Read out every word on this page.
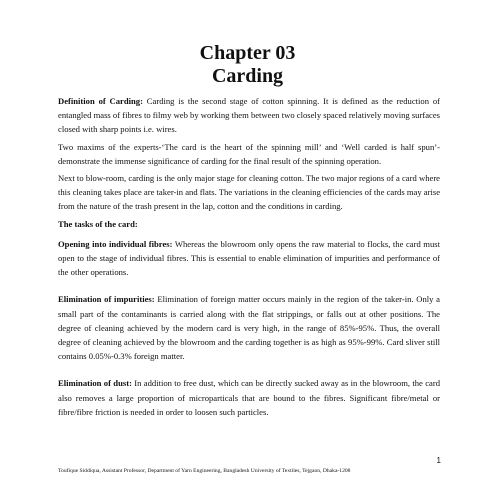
Chapter 03
Carding

Definition of Carding: Carding is the second stage of cotton spinning. It is defined as the reduction of entangled mass of fibres to filmy web by working them between two closely spaced relatively moving surfaces closed with sharp points i.e. wires.

Two maxims of the experts-‘The card is the heart of the spinning mill’ and ‘Well carded is half spun’-demonstrate the immense significance of carding for the final result of the spinning operation.

Next to blow-room, carding is the only major stage for cleaning cotton. The two major regions of a card where this cleaning takes place are taker-in and flats. The variations in the cleaning efficiencies of the cards may arise from the nature of the trash present in the lap, cotton and the conditions in carding.

The tasks of the card:

Opening into individual fibres: Whereas the blowroom only opens the raw material to flocks, the card must open to the stage of individual fibres. This is essential to enable elimination of impurities and performance of the other operations.

Elimination of impurities: Elimination of foreign matter occurs mainly in the region of the taker-in. Only a small part of the contaminants is carried along with the flat strippings, or falls out at other positions. The degree of cleaning achieved by the modern card is very high, in the range of 85%-95%. Thus, the overall degree of cleaning achieved by the blowroom and the carding together is as high as 95%-99%. Card sliver still contains 0.05%-0.3% foreign matter.

Elimination of dust: In addition to free dust, which can be directly sucked away as in the blowroom, the card also removes a large proportion of microparticals that are bound to the fibres. Significant fibre/metal or fibre/fibre friction is needed in order to loosen such particles.

1
Toufique Siddiqua, Assistant Professor, Department of Yarn Engineering, Bangladesh University of Textiles, Tejgaon, Dhaka-1208
